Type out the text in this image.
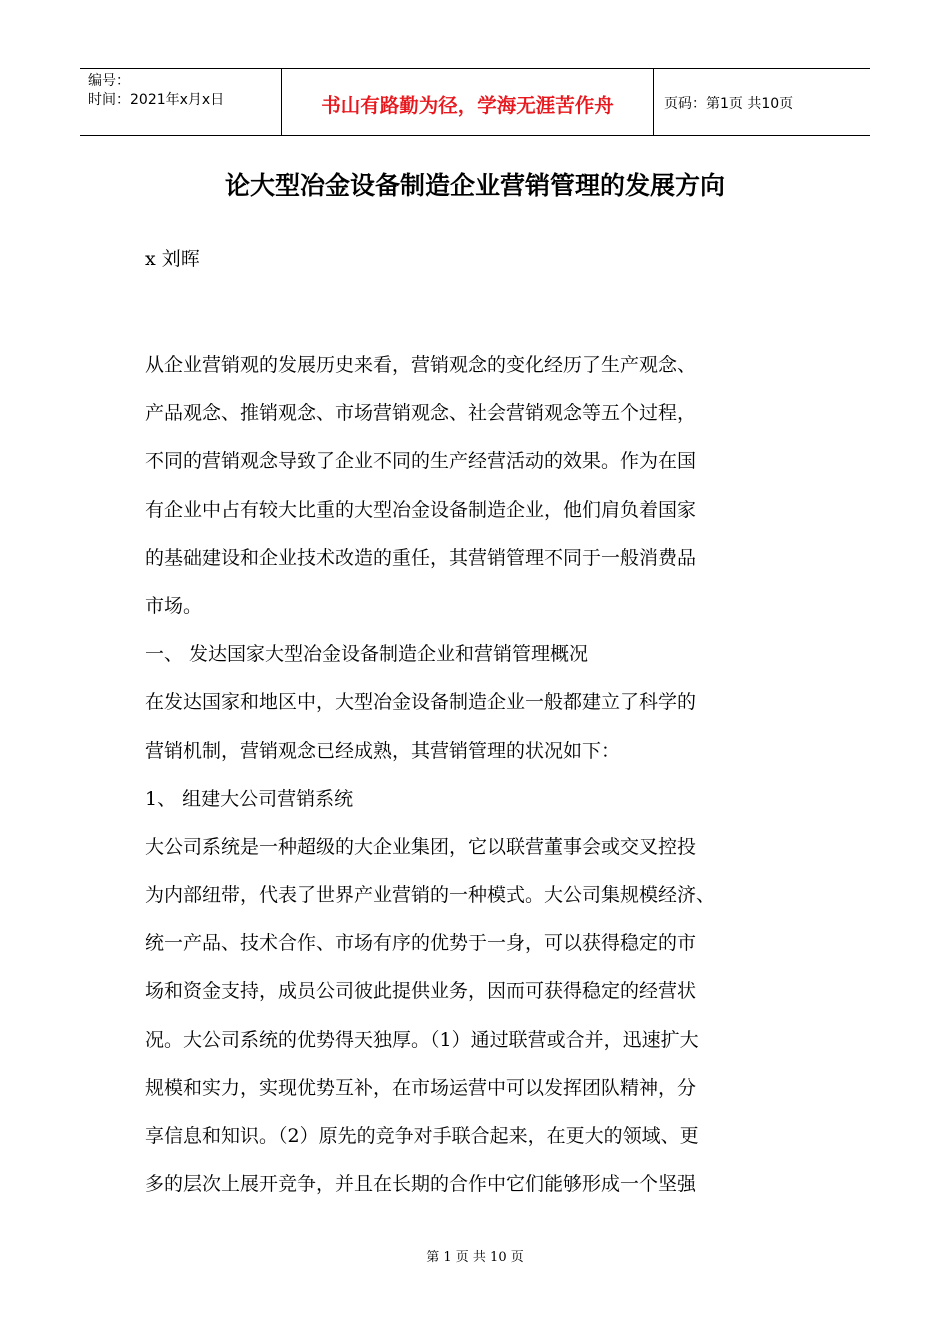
编号：
时间：2021年x月x日	书山有路勤为径，学海无涯苦作舟	页码：第1页 共10页
论大型冶金设备制造企业营销管理的发展方向
x 刘晖
从企业营销观的发展历史来看，营销观念的变化经历了生产观念、
产品观念、推销观念、市场营销观念、社会营销观念等五个过程，
不同的营销观念导致了企业不同的生产经营活动的效果。作为在国
有企业中占有较大比重的大型冶金设备制造企业，他们肩负着国家
的基础建设和企业技术改造的重任，其营销管理不同于一般消费品
市场。
一、 发达国家大型冶金设备制造企业和营销管理概况
在发达国家和地区中，大型冶金设备制造企业一般都建立了科学的
营销机制，营销观念已经成熟，其营销管理的状况如下：
1、 组建大公司营销系统
大公司系统是一种超级的大企业集团，它以联营董事会或交叉控投
为内部纽带，代表了世界产业营销的一种模式。大公司集规模经济、
统一产品、技术合作、市场有序的优势于一身，可以获得稳定的市
场和资金支持，成员公司彼此提供业务，因而可获得稳定的经营状
况。大公司系统的优势得天独厚。（1）通过联营或合并，迅速扩大
规模和实力，实现优势互补，在市场运营中可以发挥团队精神，分
享信息和知识。（2）原先的竞争对手联合起来，在更大的领域、更
多的层次上展开竞争，并且在长期的合作中它们能够形成一个坚强
第 1 页 共 10 页
